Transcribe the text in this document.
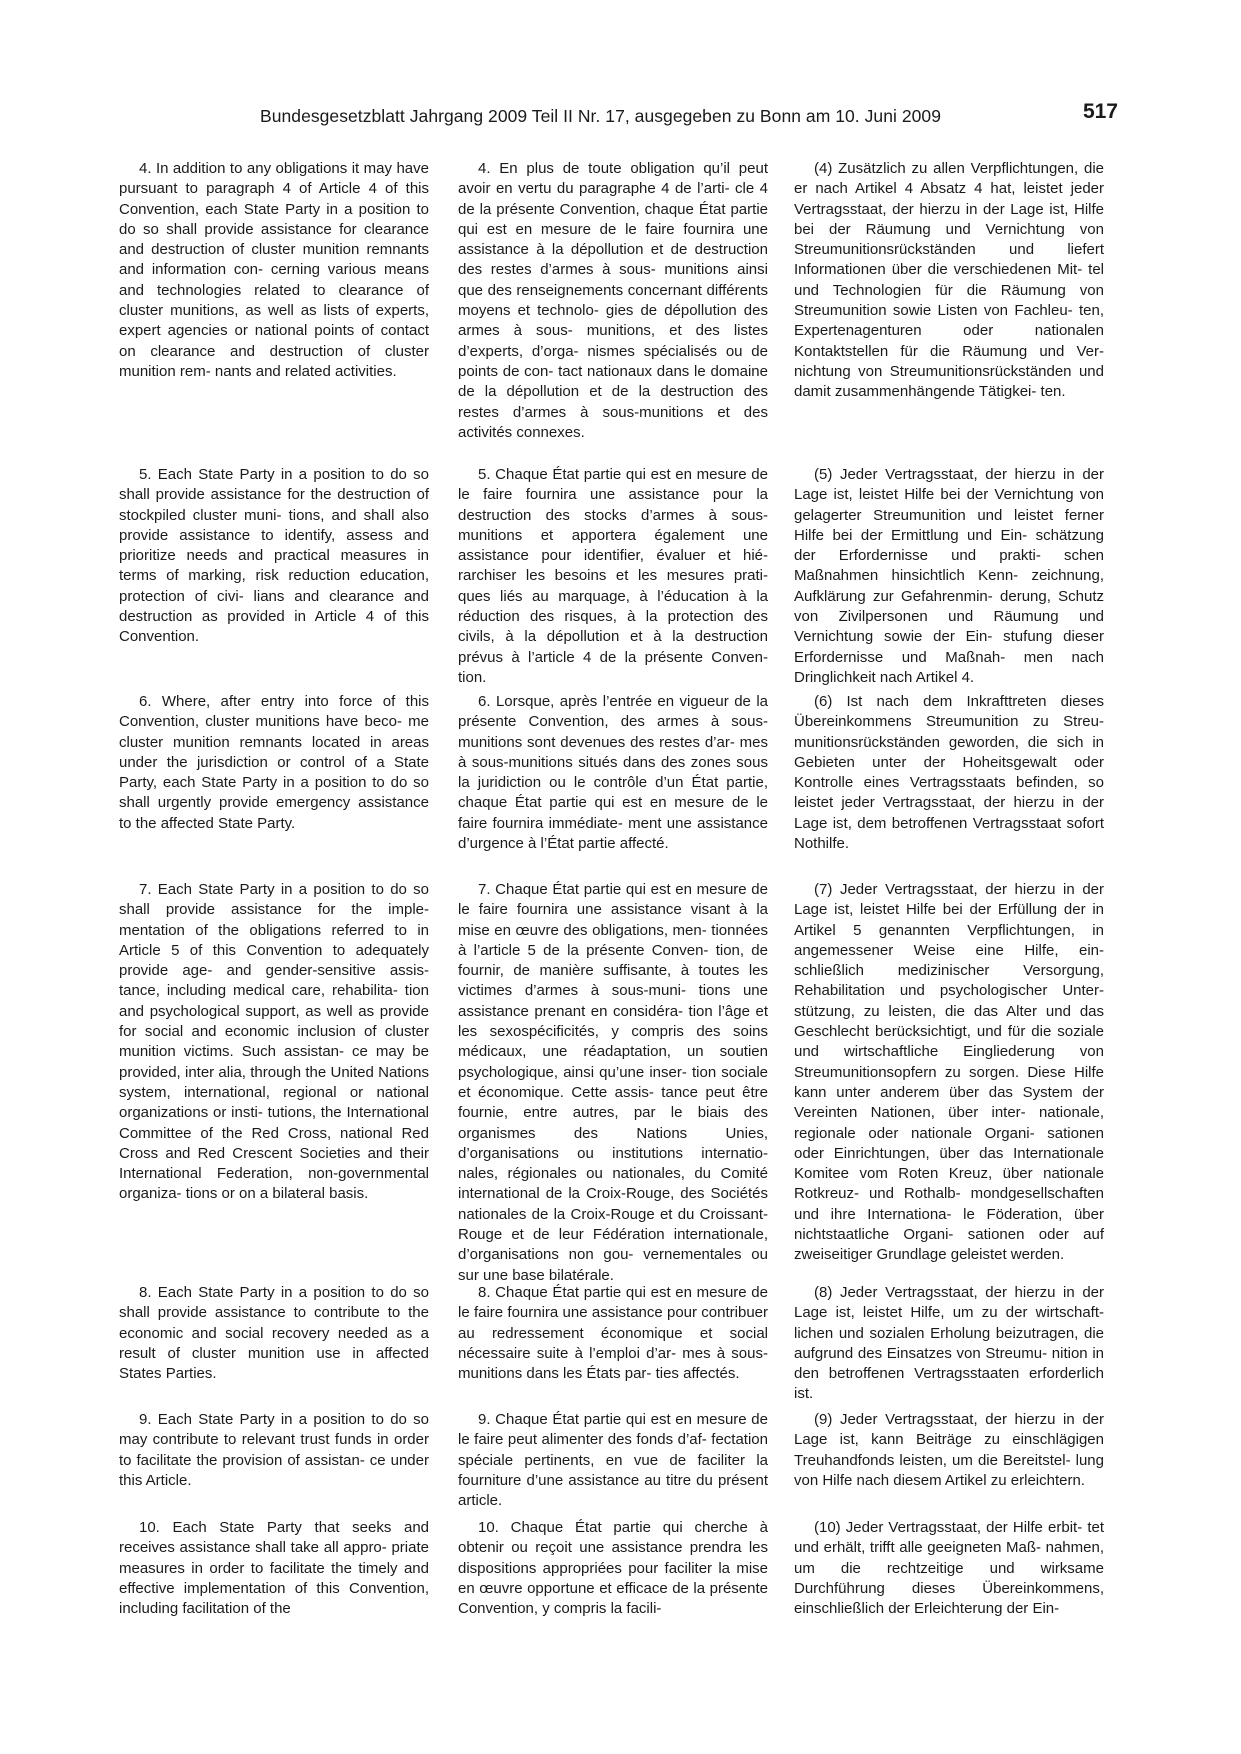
Bundesgesetzblatt Jahrgang 2009 Teil II Nr. 17, ausgegeben zu Bonn am 10. Juni 2009	517

4. In addition to any obligations it may have pursuant to paragraph 4 of Article 4 of this Convention, each State Party in a position to do so shall provide assistance for clearance and destruction of cluster munition remnants and information con- cerning various means and technologies related to clearance of cluster munitions, as well as lists of experts, expert agencies or national points of contact on clearance and destruction of cluster munition rem- nants and related activities.

4. En plus de toute obligation qu’il peut avoir en vertu du paragraphe 4 de l’arti- cle 4 de la présente Convention, chaque État partie qui est en mesure de le faire fournira une assistance à la dépollution et de destruction des restes d’armes à sous- munitions ainsi que des renseignements concernant différents moyens et technolo- gies de dépollution des armes à sous- munitions, et des listes d’experts, d’orga- nismes spécialisés ou de points de con- tact nationaux dans le domaine de la dépollution et de la destruction des restes d’armes à sous-munitions et des activités connexes.

(4) Zusätzlich zu allen Verpflichtungen, die er nach Artikel 4 Absatz 4 hat, leistet jeder Vertragsstaat, der hierzu in der Lage ist, Hilfe bei der Räumung und Vernichtung von Streumunitionsrückständen und liefert Informationen über die verschiedenen Mit- tel und Technologien für die Räumung von Streumunition sowie Listen von Fachleu- ten, Expertenagenturen oder nationalen Kontaktstellen für die Räumung und Ver- nichtung von Streumunitionsrückständen und damit zusammenhängende Tätigkei- ten.

5. Each State Party in a position to do so shall provide assistance for the destruction of stockpiled cluster muni- tions, and shall also provide assistance to identify, assess and prioritize needs and practical measures in terms of marking, risk reduction education, protection of civi- lians and clearance and destruction as provided in Article 4 of this Convention.

5. Chaque État partie qui est en mesure de le faire fournira une assistance pour la destruction des stocks d’armes à sous- munitions et apportera également une assistance pour identifier, évaluer et hié- rarchiser les besoins et les mesures prati- ques liés au marquage, à l’éducation à la réduction des risques, à la protection des civils, à la dépollution et à la destruction prévus à l’article 4 de la présente Conven- tion.

(5) Jeder Vertragsstaat, der hierzu in der Lage ist, leistet Hilfe bei der Vernichtung von gelagerter Streumunition und leistet ferner Hilfe bei der Ermittlung und Ein- schätzung der Erfordernisse und prakti- schen Maßnahmen hinsichtlich Kenn- zeichnung, Aufklärung zur Gefahrenmin- derung, Schutz von Zivilpersonen und Räumung und Vernichtung sowie der Ein- stufung dieser Erfordernisse und Maßnah- men nach Dringlichkeit nach Artikel 4.

6. Where, after entry into force of this Convention, cluster munitions have beco- me cluster munition remnants located in areas under the jurisdiction or control of a State Party, each State Party in a position to do so shall urgently provide emergency assistance to the affected State Party.

6. Lorsque, après l’entrée en vigueur de la présente Convention, des armes à sous- munitions sont devenues des restes d’ar- mes à sous-munitions situés dans des zones sous la juridiction ou le contrôle d’un État partie, chaque État partie qui est en mesure de le faire fournira immédiate- ment une assistance d’urgence à l’État partie affecté.

(6) Ist nach dem Inkrafttreten dieses Übereinkommens Streumunition zu Streu- munitionsrückständen geworden, die sich in Gebieten unter der Hoheitsgewalt oder Kontrolle eines Vertragsstaats befinden, so leistet jeder Vertragsstaat, der hierzu in der Lage ist, dem betroffenen Vertragsstaat sofort Nothilfe.

7. Each State Party in a position to do so shall provide assistance for the imple- mentation of the obligations referred to in Article 5 of this Convention to adequately provide age- and gender-sensitive assis- tance, including medical care, rehabilita- tion and psychological support, as well as provide for social and economic inclusion of cluster munition victims. Such assistan- ce may be provided, inter alia, through the United Nations system, international, regional or national organizations or insti- tutions, the International Committee of the Red Cross, national Red Cross and Red Crescent Societies and their International Federation, non-governmental organiza- tions or on a bilateral basis.

7. Chaque État partie qui est en mesure de le faire fournira une assistance visant à la mise en œuvre des obligations, men- tionnées à l’article 5 de la présente Conven- tion, de fournir, de manière suffisante, à toutes les victimes d’armes à sous-muni- tions une assistance prenant en considéra- tion l’âge et les sexospécificités, y compris des soins médicaux, une réadaptation, un soutien psychologique, ainsi qu’une inser- tion sociale et économique. Cette assis- tance peut être fournie, entre autres, par le biais des organismes des Nations Unies, d’organisations ou institutions internatio- nales, régionales ou nationales, du Comité international de la Croix-Rouge, des Sociétés nationales de la Croix-Rouge et du Croissant-Rouge et de leur Fédération internationale, d’organisations non gou- vernementales ou sur une base bilatérale.

(7) Jeder Vertragsstaat, der hierzu in der Lage ist, leistet Hilfe bei der Erfüllung der in Artikel 5 genannten Verpflichtungen, in angemessener Weise eine Hilfe, ein- schließlich medizinischer Versorgung, Rehabilitation und psychologischer Unter- stützung, zu leisten, die das Alter und das Geschlecht berücksichtigt, und für die soziale und wirtschaftliche Eingliederung von Streumunitionsopfern zu sorgen. Diese Hilfe kann unter anderem über das System der Vereinten Nationen, über inter- nationale, regionale oder nationale Organi- sationen oder Einrichtungen, über das Internationale Komitee vom Roten Kreuz, über nationale Rotkreuz- und Rothalb- mondgesellschaften und ihre Internationa- le Föderation, über nichtstaatliche Organi- sationen oder auf zweiseitiger Grundlage geleistet werden.

8. Each State Party in a position to do so shall provide assistance to contribute to the economic and social recovery needed as a result of cluster munition use in affected States Parties.

8. Chaque État partie qui est en mesure de le faire fournira une assistance pour contribuer au redressement économique et social nécessaire suite à l’emploi d’ar- mes à sous-munitions dans les États par- ties affectés.

(8) Jeder Vertragsstaat, der hierzu in der Lage ist, leistet Hilfe, um zu der wirtschaft- lichen und sozialen Erholung beizutragen, die aufgrund des Einsatzes von Streumu- nition in den betroffenen Vertragsstaaten erforderlich ist.

9. Each State Party in a position to do so may contribute to relevant trust funds in order to facilitate the provision of assistan- ce under this Article.

9. Chaque État partie qui est en mesure de le faire peut alimenter des fonds d’af- fectation spéciale pertinents, en vue de faciliter la fourniture d’une assistance au titre du présent article.

(9) Jeder Vertragsstaat, der hierzu in der Lage ist, kann Beiträge zu einschlägigen Treuhandfonds leisten, um die Bereitstel- lung von Hilfe nach diesem Artikel zu erleichtern.

10. Each State Party that seeks and receives assistance shall take all appro- priate measures in order to facilitate the timely and effective implementation of this Convention, including facilitation of the

10. Chaque État partie qui cherche à obtenir ou reçoit une assistance prendra les dispositions appropriées pour faciliter la mise en œuvre opportune et efficace de la présente Convention, y compris la facili-

(10) Jeder Vertragsstaat, der Hilfe erbit- tet und erhält, trifft alle geeigneten Maß- nahmen, um die rechtzeitige und wirksame Durchführung dieses Übereinkommens, einschließlich der Erleichterung der Ein-
